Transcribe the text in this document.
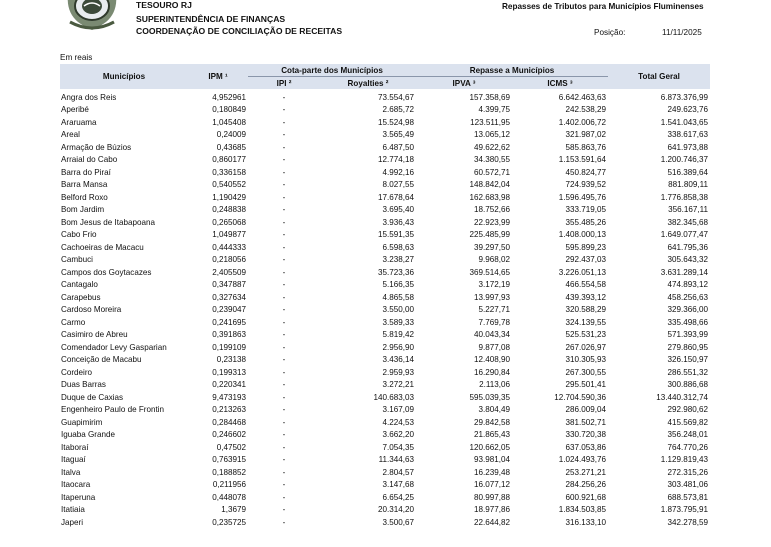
TESOURO RJ
SUPERINTENDÊNCIA DE FINANÇAS
COORDENAÇÃO DE CONCILIAÇÃO DE RECEITAS
Repasses de Tributos para Municípios Fluminenses
Posição:	11/11/2025
Em reais
Municípios	IPM ¹	Cota-parte dos Municípios		Repasse a Municípios		Total Geral
		IPI ²	Royalties ²	IPVA ³	ICMS ³	
Angra dos Reis	4,952961	-	73.554,67	157.358,69	6.642.463,63	6.873.376,99
Aperibé	0,180849	-	2.685,72	4.399,75	242.538,29	249.623,76
Araruama	1,045408	-	15.524,98	123.511,95	1.402.006,72	1.541.043,65
Areal	0,24009	-	3.565,49	13.065,12	321.987,02	338.617,63
Armação de Búzios	0,43685	-	6.487,50	49.622,62	585.863,76	641.973,88
Arraial do Cabo	0,860177	-	12.774,18	34.380,55	1.153.591,64	1.200.746,37
Barra do Piraí	0,336158	-	4.992,16	60.572,71	450.824,77	516.389,64
Barra Mansa	0,540552	-	8.027,55	148.842,04	724.939,52	881.809,11
Belford Roxo	1,190429	-	17.678,64	162.683,98	1.596.495,76	1.776.858,38
Bom Jardim	0,248838	-	3.695,40	18.752,66	333.719,05	356.167,11
Bom Jesus de Itabapoana	0,265068	-	3.936,43	22.923,99	355.485,26	382.345,68
Cabo Frio	1,049877	-	15.591,35	225.485,99	1.408.000,13	1.649.077,47
Cachoeiras de Macacu	0,444333	-	6.598,63	39.297,50	595.899,23	641.795,36
Cambuci	0,218056	-	3.238,27	9.968,02	292.437,03	305.643,32
Campos dos Goytacazes	2,405509	-	35.723,36	369.514,65	3.226.051,13	3.631.289,14
Cantagalo	0,347887	-	5.166,35	3.172,19	466.554,58	474.893,12
Carapebus	0,327634	-	4.865,58	13.997,93	439.393,12	458.256,63
Cardoso Moreira	0,239047	-	3.550,00	5.227,71	320.588,29	329.366,00
Carmo	0,241695	-	3.589,33	7.769,78	324.139,55	335.498,66
Casimiro de Abreu	0,391863	-	5.819,42	40.043,34	525.531,23	571.393,99
Comendador Levy Gasparian	0,199109	-	2.956,90	9.877,08	267.026,97	279.860,95
Conceição de Macabu	0,23138	-	3.436,14	12.408,90	310.305,93	326.150,97
Cordeiro	0,199313	-	2.959,93	16.290,84	267.300,55	286.551,32
Duas Barras	0,220341	-	3.272,21	2.113,06	295.501,41	300.886,68
Duque de Caxias	9,473193	-	140.683,03	595.039,35	12.704.590,36	13.440.312,74
Engenheiro Paulo de Frontin	0,213263	-	3.167,09	3.804,49	286.009,04	292.980,62
Guapimirim	0,284468	-	4.224,53	29.842,58	381.502,71	415.569,82
Iguaba Grande	0,246602	-	3.662,20	21.865,43	330.720,38	356.248,01
Itaboraí	0,47502	-	7.054,35	120.662,05	637.053,86	764.770,26
Itaguaí	0,763915	-	11.344,63	93.981,04	1.024.493,76	1.129.819,43
Italva	0,188852	-	2.804,57	16.239,48	253.271,21	272.315,26
Itaocara	0,211956	-	3.147,68	16.077,12	284.256,26	303.481,06
Itaperuna	0,448078	-	6.654,25	80.997,88	600.921,68	688.573,81
Itatiaia	1,3679	-	20.314,20	18.977,86	1.834.503,85	1.873.795,91
Japeri	0,235725	-	3.500,67	22.644,82	316.133,10	342.278,59
